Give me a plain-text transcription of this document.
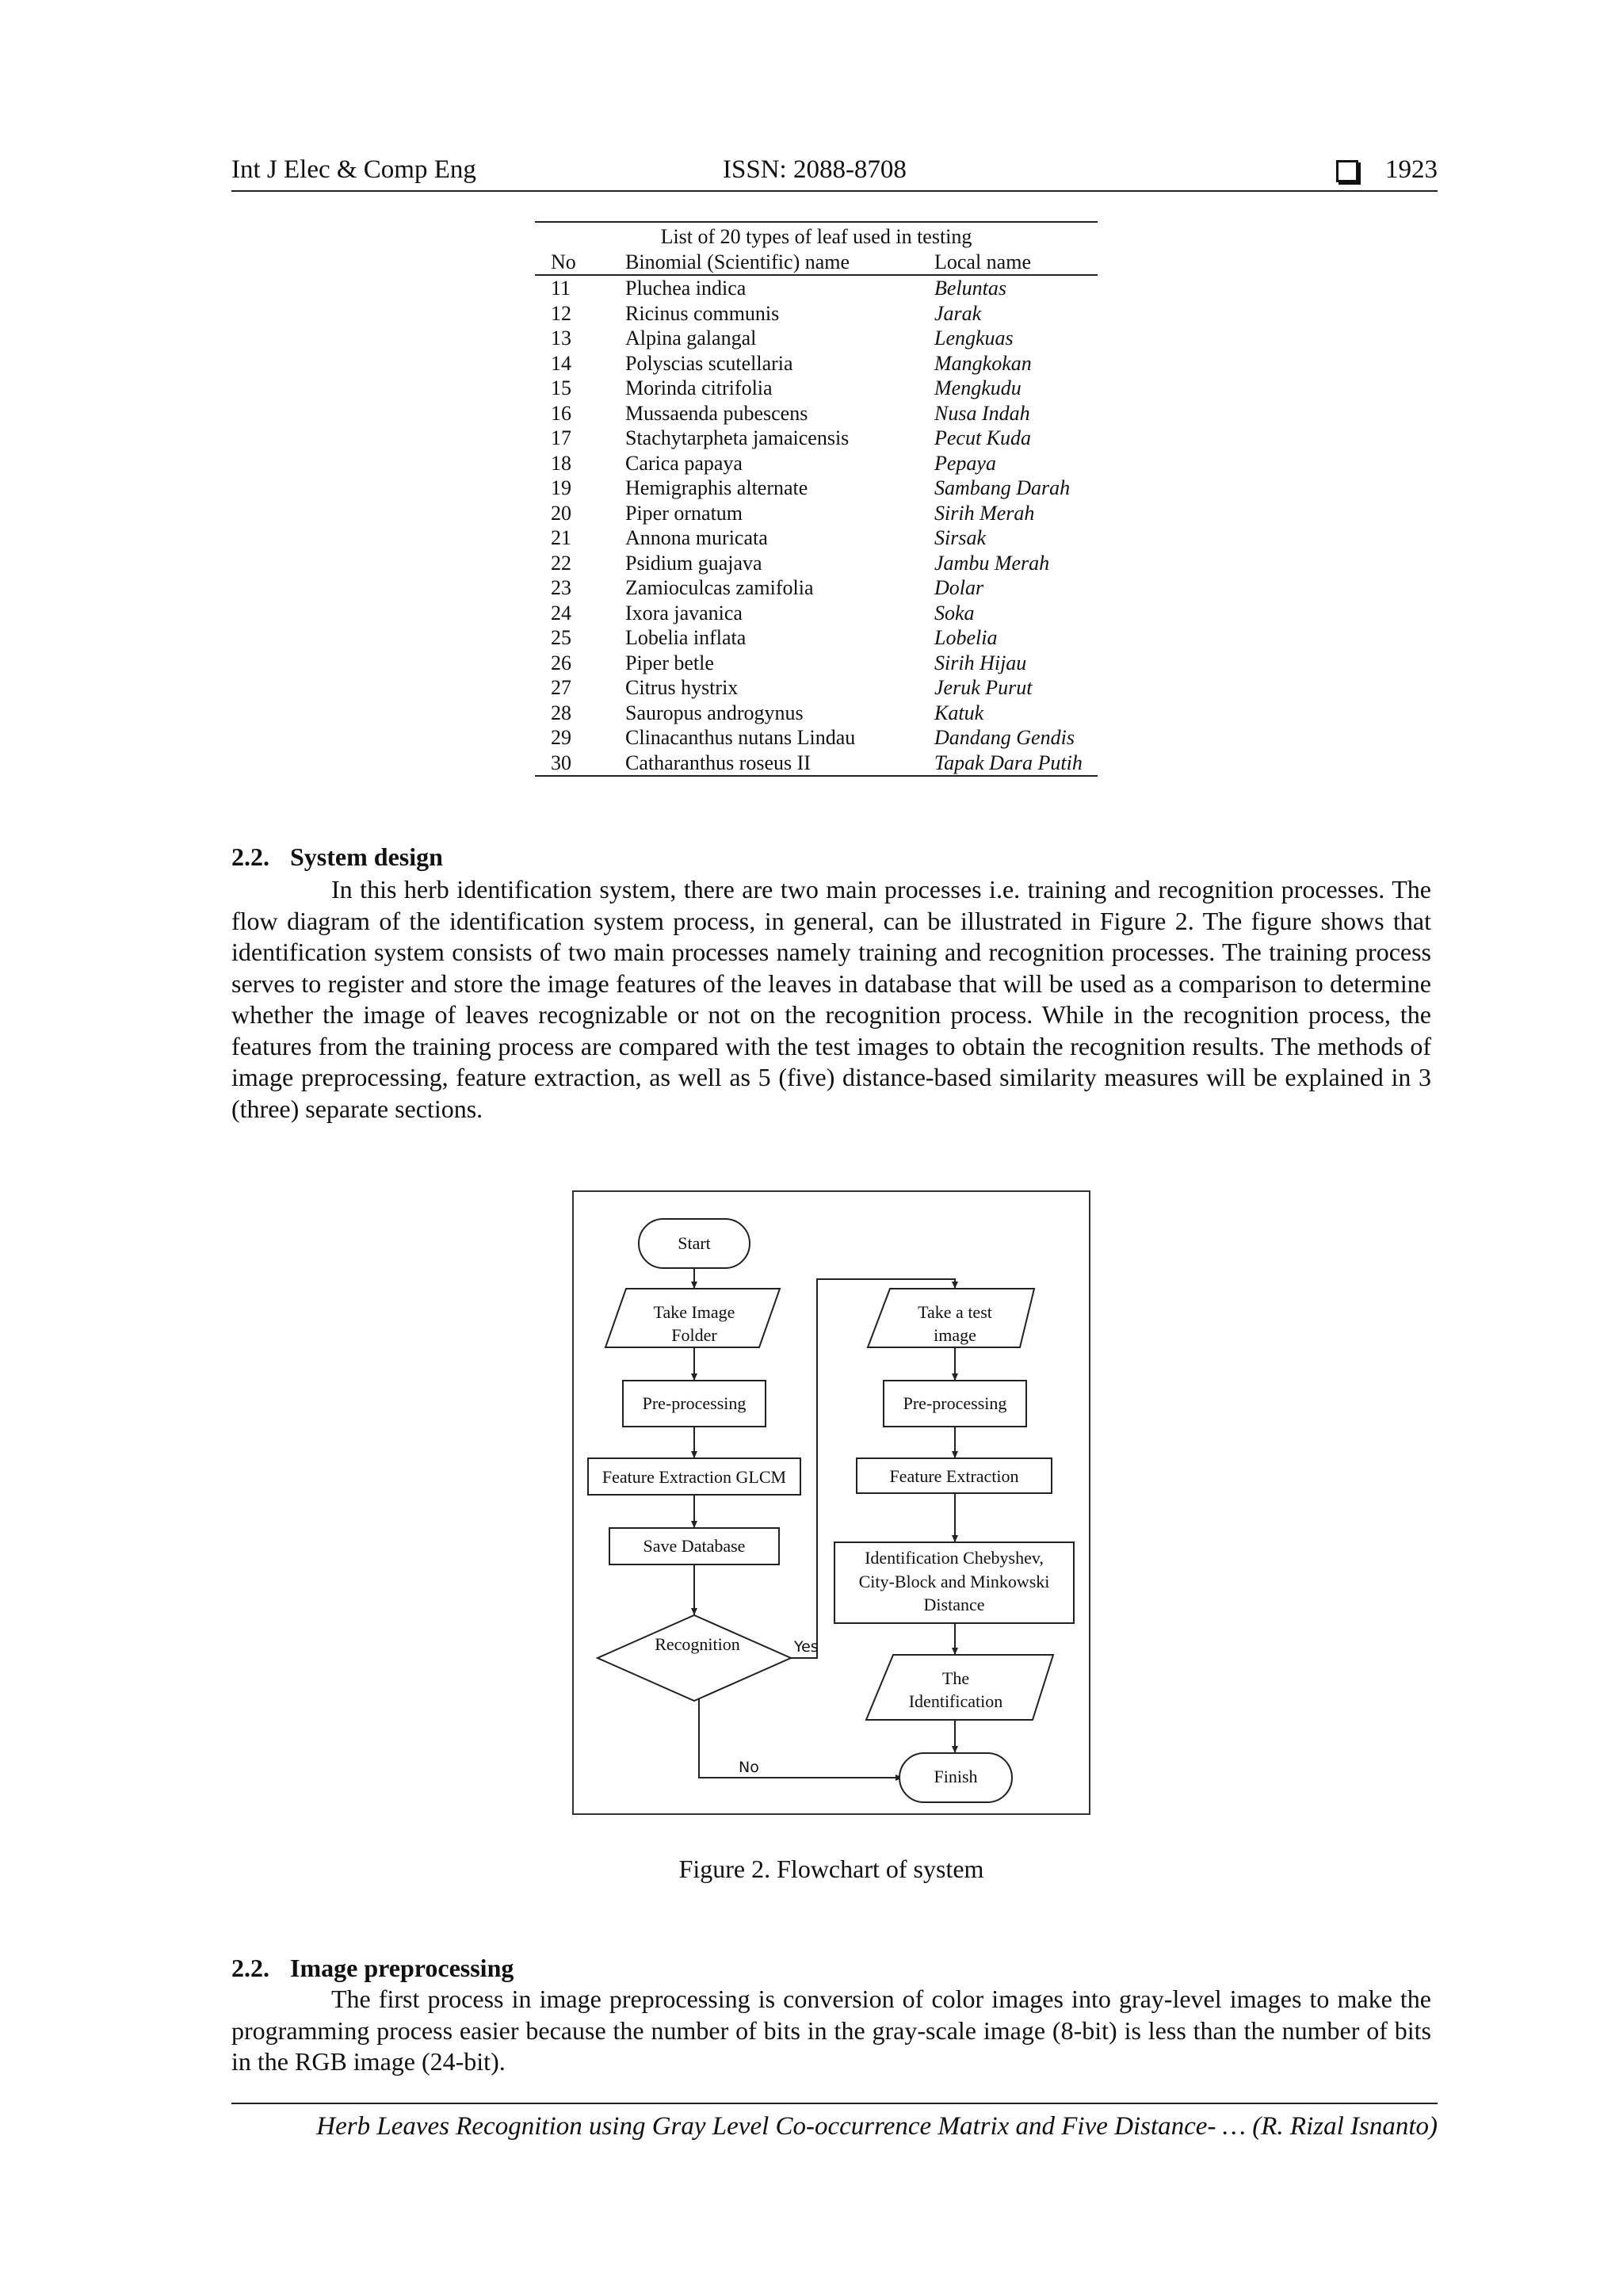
Int J Elec & Comp Eng	ISSN: 2088-8708	1923
List of 20 types of leaf used in testing
No	Binomial (Scientific) name	Local name
11	Pluchea indica	Beluntas
12	Ricinus communis	Jarak
13	Alpina galangal	Lengkuas
14	Polyscias scutellaria	Mangkokan
15	Morinda citrifolia	Mengkudu
16	Mussaenda pubescens	Nusa Indah
17	Stachytarpheta jamaicensis	Pecut Kuda
18	Carica papaya	Pepaya
19	Hemigraphis alternate	Sambang Darah
20	Piper ornatum	Sirih Merah
21	Annona muricata	Sirsak
22	Psidium guajava	Jambu Merah
23	Zamioculcas zamifolia	Dolar
24	Ixora javanica	Soka
25	Lobelia inflata	Lobelia
26	Piper betle	Sirih Hijau
27	Citrus hystrix	Jeruk Purut
28	Sauropus androgynus	Katuk
29	Clinacanthus nutans Lindau	Dandang Gendis
30	Catharanthus roseus II	Tapak Dara Putih
2.2. System design

In this herb identification system, there are two main processes i.e. training and recognition processes. The flow diagram of the identification system process, in general, can be illustrated in Figure 2. The figure shows that identification system consists of two main processes namely training and recognition processes. The training process serves to register and store the image features of the leaves in database that will be used as a comparison to determine whether the image of leaves recognizable or not on the recognition process. While in the recognition process, the features from the training process are compared with the test images to obtain the recognition results. The methods of image preprocessing, feature extraction, as well as 5 (five) distance-based similarity measures will be explained in 3 (three) separate sections.

Start
Take Image
Folder
Pre-processing
Feature Extraction GLCM
Save Database
Recognition
Take a test
image
Pre-processing
Feature Extraction
Identification Chebyshev,
City-Block and Minkowski
Distance
The
Identification
Finish
Yes
No
Figure 2. Flowchart of system
2.2. Image preprocessing

The first process in image preprocessing is conversion of color images into gray-level images to make the programming process easier because the number of bits in the gray-scale image (8-bit) is less than the number of bits in the RGB image (24-bit).

Herb Leaves Recognition using Gray Level Co-occurrence Matrix and Five Distance- … (R. Rizal Isnanto)
